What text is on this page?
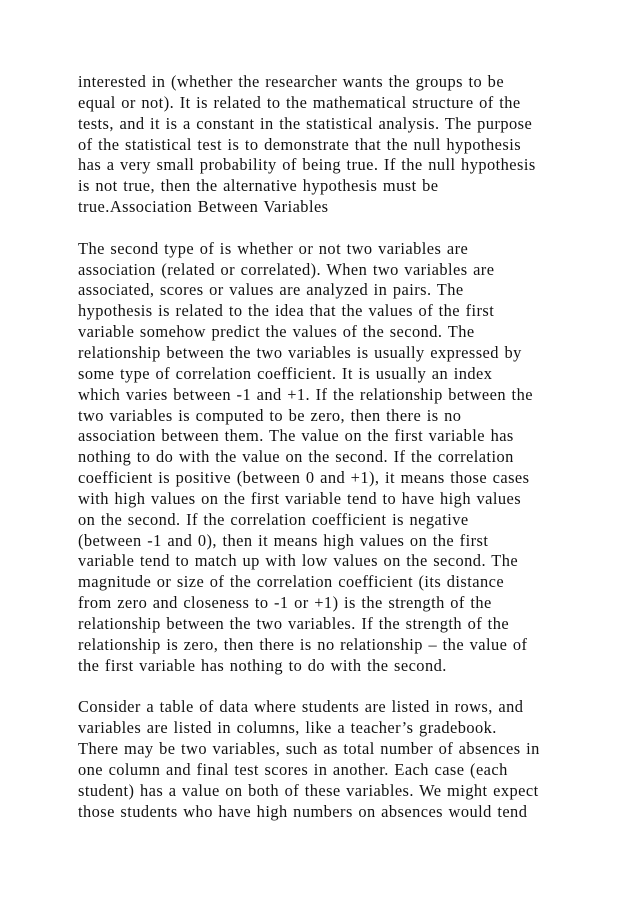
interested in (whether the researcher wants the groups to be
equal or not). It is related to the mathematical structure of the
tests, and it is a constant in the statistical analysis. The purpose
of the statistical test is to demonstrate that the null hypothesis
has a very small probability of being true. If the null hypothesis
is not true, then the alternative hypothesis must be
true.Association Between Variables
The second type of is whether or not two variables are
association (related or correlated). When two variables are
associated, scores or values are analyzed in pairs. The
hypothesis is related to the idea that the values of the first
variable somehow predict the values of the second. The
relationship between the two variables is usually expressed by
some type of correlation coefficient. It is usually an index
which varies between -1 and +1. If the relationship between the
two variables is computed to be zero, then there is no
association between them. The value on the first variable has
nothing to do with the value on the second. If the correlation
coefficient is positive (between 0 and +1), it means those cases
with high values on the first variable tend to have high values
on the second. If the correlation coefficient is negative
(between -1 and 0), then it means high values on the first
variable tend to match up with low values on the second. The
magnitude or size of the correlation coefficient (its distance
from zero and closeness to -1 or +1) is the strength of the
relationship between the two variables. If the strength of the
relationship is zero, then there is no relationship – the value of
the first variable has nothing to do with the second.
Consider a table of data where students are listed in rows, and
variables are listed in columns, like a teacher’s gradebook.
There may be two variables, such as total number of absences in
one column and final test scores in another. Each case (each
student) has a value on both of these variables. We might expect
those students who have high numbers on absences would tend
